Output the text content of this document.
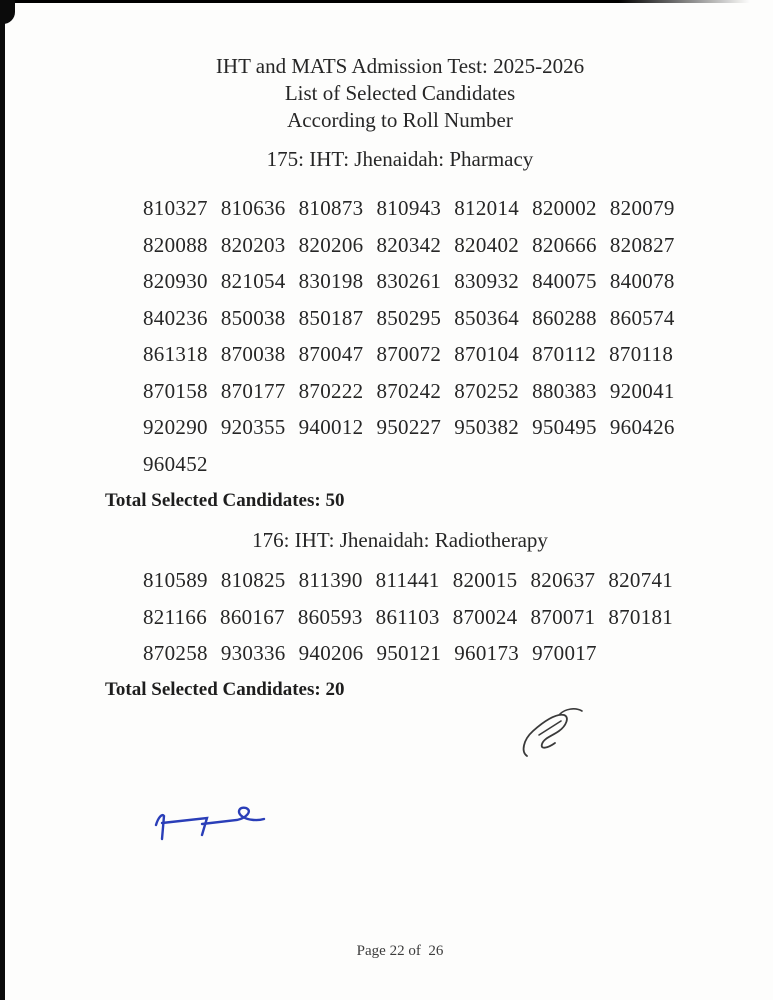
IHT and MATS Admission Test: 2025-2026
List of Selected Candidates
According to Roll Number
175: IHT: Jhenaidah: Pharmacy
810327 810636 810873 810943 812014 820002 820079
820088 820203 820206 820342 820402 820666 820827
820930 821054 830198 830261 830932 840075 840078
840236 850038 850187 850295 850364 860288 860574
861318 870038 870047 870072 870104 870112 870118
870158 870177 870222 870242 870252 880383 920041
920290 920355 940012 950227 950382 950495 960426
960452
Total Selected Candidates: 50
176: IHT: Jhenaidah: Radiotherapy
810589 810825 811390 811441 820015 820637 820741
821166 860167 860593 861103 870024 870071 870181
870258 930336 940206 950121 960173 970017
Total Selected Candidates: 20
Page 22 of  26
